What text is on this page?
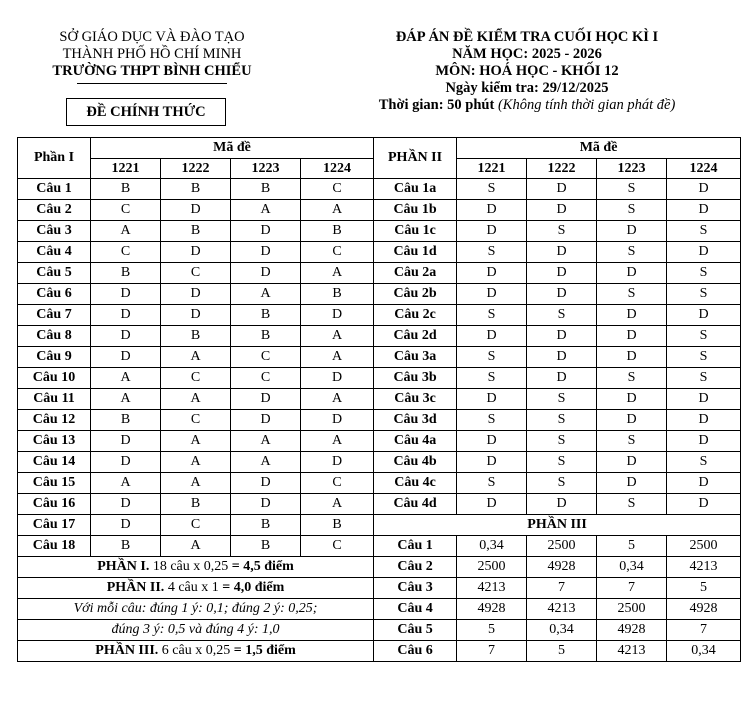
SỞ GIÁO DỤC VÀ ĐÀO TẠO
THÀNH PHỐ HỒ CHÍ MINH
TRƯỜNG THPT BÌNH CHIỂU
ĐỀ CHÍNH THỨC
ĐÁP ÁN ĐỀ KIỂM TRA CUỐI HỌC KÌ I
NĂM HỌC: 2025 - 2026
MÔN: HOÁ HỌC - KHỐI 12
Ngày kiểm tra: 29/12/2025
Thời gian: 50 phút (Không tính thời gian phát đề)
Phần I	Mã đề				PHẦN II	Mã đề			
	1221	1222	1223	1224		1221	1222	1223	1224
Câu 1	B	B	B	C	Câu 1a	S	D	S	D
Câu 2	C	D	A	A	Câu 1b	D	D	S	D
Câu 3	A	B	D	B	Câu 1c	D	S	D	S
Câu 4	C	D	D	C	Câu 1d	S	D	S	D
Câu 5	B	C	D	A	Câu 2a	D	D	D	S
Câu 6	D	D	A	B	Câu 2b	D	D	S	S
Câu 7	D	D	B	D	Câu 2c	S	S	D	D
Câu 8	D	B	B	A	Câu 2d	D	D	D	S
Câu 9	D	A	C	A	Câu 3a	S	D	D	S
Câu 10	A	C	C	D	Câu 3b	S	D	S	S
Câu 11	A	A	D	A	Câu 3c	D	S	D	D
Câu 12	B	C	D	D	Câu 3d	S	S	D	D
Câu 13	D	A	A	A	Câu 4a	D	S	S	D
Câu 14	D	A	A	D	Câu 4b	D	S	D	S
Câu 15	A	A	D	C	Câu 4c	S	S	D	D
Câu 16	D	B	D	A	Câu 4d	D	D	S	D
Câu 17	D	C	B	B	PHẦN III				
Câu 18	B	A	B	C	Câu 1	0,34	2500	5	2500
PHẦN I. 18 câu x 0,25 = 4,5 điểm					Câu 2	2500	4928	0,34	4213
PHẦN II. 4 câu x 1 = 4,0 điểm					Câu 3	4213	7	7	5
Với mỗi câu: đúng 1 ý: 0,1; đúng 2 ý: 0,25;					Câu 4	4928	4213	2500	4928
đúng 3 ý: 0,5 và đúng 4 ý: 1,0					Câu 5	5	0,34	4928	7
PHẦN III. 6 câu x 0,25 = 1,5 điểm					Câu 6	7	5	4213	0,34
